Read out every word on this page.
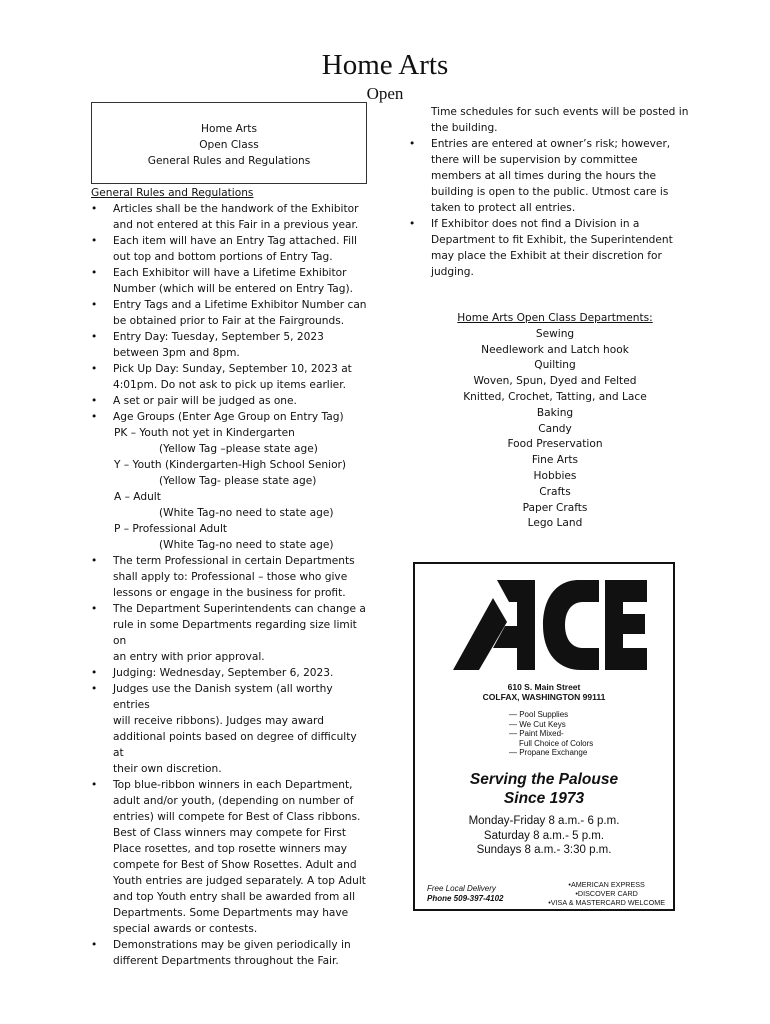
Home Arts
Open
Home Arts
Open Class
General Rules and Regulations
General Rules and Regulations
• Articles shall be the handwork of the Exhibitor
and not entered at this Fair in a previous year.
• Each item will have an Entry Tag attached. Fill
out top and bottom portions of Entry Tag.
• Each Exhibitor will have a Lifetime Exhibitor
Number (which will be entered on Entry Tag).
• Entry Tags and a Lifetime Exhibitor Number can
be obtained prior to Fair at the Fairgrounds.
• Entry Day: Tuesday, September 5, 2023
between 3pm and 8pm.
• Pick Up Day: Sunday, September 10, 2023 at
4:01pm. Do not ask to pick up items earlier.
• A set or pair will be judged as one.
• Age Groups (Enter Age Group on Entry Tag)
PK – Youth not yet in Kindergarten
(Yellow Tag –please state age)
Y – Youth (Kindergarten-High School Senior)
(Yellow Tag- please state age)
A – Adult
(White Tag-no need to state age)
P – Professional Adult
(White Tag-no need to state age)
• The term Professional in certain Departments
shall apply to: Professional – those who give
lessons or engage in the business for profit.
• The Department Superintendents can change a
rule in some Departments regarding size limit on
an entry with prior approval.
• Judging: Wednesday, September 6, 2023.
• Judges use the Danish system (all worthy entries
will receive ribbons). Judges may award
additional points based on degree of difficulty at
their own discretion.
• Top blue-ribbon winners in each Department,
adult and/or youth, (depending on number of
entries) will compete for Best of Class ribbons.
Best of Class winners may compete for First
Place rosettes, and top rosette winners may
compete for Best of Show Rosettes. Adult and
Youth entries are judged separately. A top Adult
and top Youth entry shall be awarded from all
Departments. Some Departments may have
special awards or contests.
• Demonstrations may be given periodically in
different Departments throughout the Fair.
Time schedules for such events will be posted in
the building.
• Entries are entered at owner’s risk; however,
there will be supervision by committee
members at all times during the hours the
building is open to the public. Utmost care is
taken to protect all entries.
• If Exhibitor does not find a Division in a
Department to fit Exhibit, the Superintendent
may place the Exhibit at their discretion for
judging.
Home Arts Open Class Departments:
Sewing
Needlework and Latch hook
Quilting
Woven, Spun, Dyed and Felted
Knitted, Crochet, Tatting, and Lace
Baking
Candy
Food Preservation
Fine Arts
Hobbies
Crafts
Paper Crafts
Lego Land
610 S. Main Street
COLFAX, WASHINGTON 99111
— Pool Supplies
— We Cut Keys
— Paint Mixed-
Full Choice of Colors
— Propane Exchange
Serving the Palouse
Since 1973
Monday-Friday 8 a.m.- 6 p.m.
Saturday 8 a.m.- 5 p.m.
Sundays 8 a.m.- 3:30 p.m.
Free Local Delivery
Phone 509-397-4102
•AMERICAN EXPRESS
•DISCOVER CARD
•VISA & MASTERCARD WELCOME
